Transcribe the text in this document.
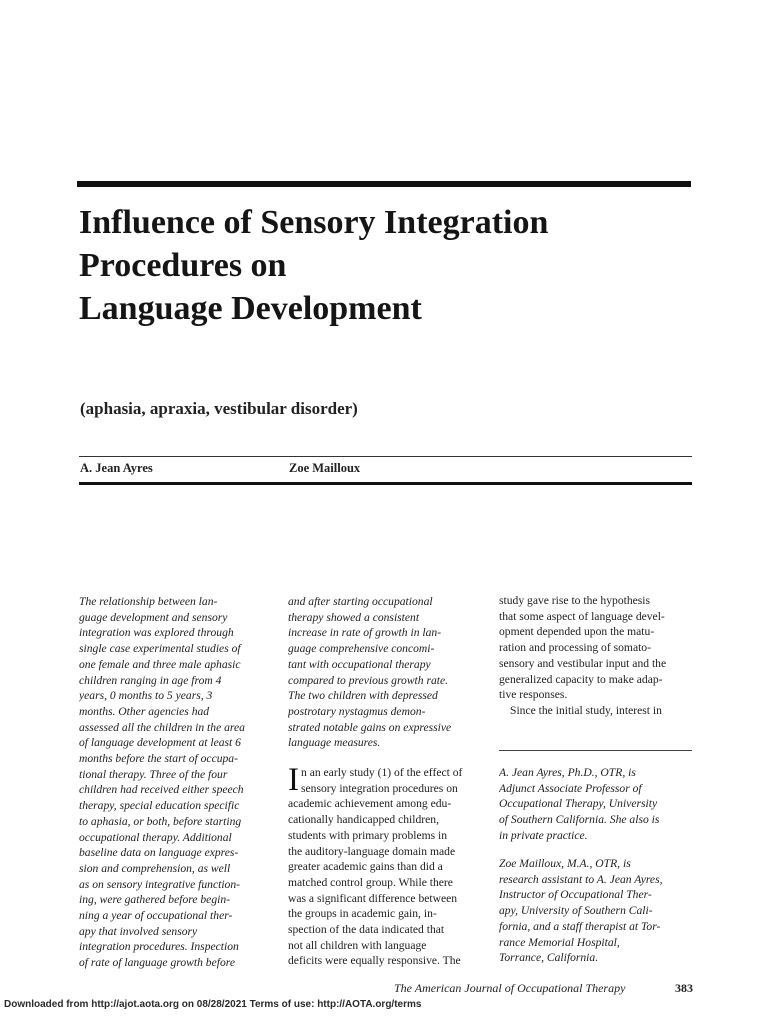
Influence of Sensory Integration
Procedures on
Language Development
(aphasia, apraxia, vestibular disorder)
A. Jean Ayres	Zoe Mailloux
The relationship between lan-
guage development and sensory
integration was explored through
single case experimental studies of
one female and three male aphasic
children ranging in age from 4
years, 0 months to 5 years, 3
months. Other agencies had
assessed all the children in the area
of language development at least 6
months before the start of occupa-
tional therapy. Three of the four
children had received either speech
therapy, special education specific
to aphasia, or both, before starting
occupational therapy. Additional
baseline data on language expres-
sion and comprehension, as well
as on sensory integrative function-
ing, were gathered before begin-
ning a year of occupational ther-
apy that involved sensory
integration procedures. Inspection
of rate of language growth before
and after starting occupational
therapy showed a consistent
increase in rate of growth in lan-
guage comprehensive concomi-
tant with occupational therapy
compared to previous growth rate.
The two children with depressed
postrotary nystagmus demon-
strated notable gains on expressive
language measures.
I n an early study (1) of the effect of
sensory integration procedures on
academic achievement among edu-
cationally handicapped children,
students with primary problems in
the auditory-language domain made
greater academic gains than did a
matched control group. While there
was a significant difference between
the groups in academic gain, in-
spection of the data indicated that
not all children with language
deficits were equally responsive. The
study gave rise to the hypothesis
that some aspect of language devel-
opment depended upon the matu-
ration and processing of somato-
sensory and vestibular input and the
generalized capacity to make adap-
tive responses.
Since the initial study, interest in
A. Jean Ayres, Ph.D., OTR, is
Adjunct Associate Professor of
Occupational Therapy, University
of Southern California. She also is
in private practice.
Zoe Mailloux, M.A., OTR, is
research assistant to A. Jean Ayres,
Instructor of Occupational Ther-
apy, University of Southern Cali-
fornia, and a staff therapist at Tor-
rance Memorial Hospital,
Torrance, California.
The American Journal of Occupational Therapy	383
Downloaded from http://ajot.aota.org on 08/28/2021 Terms of use: http://AOTA.org/terms
